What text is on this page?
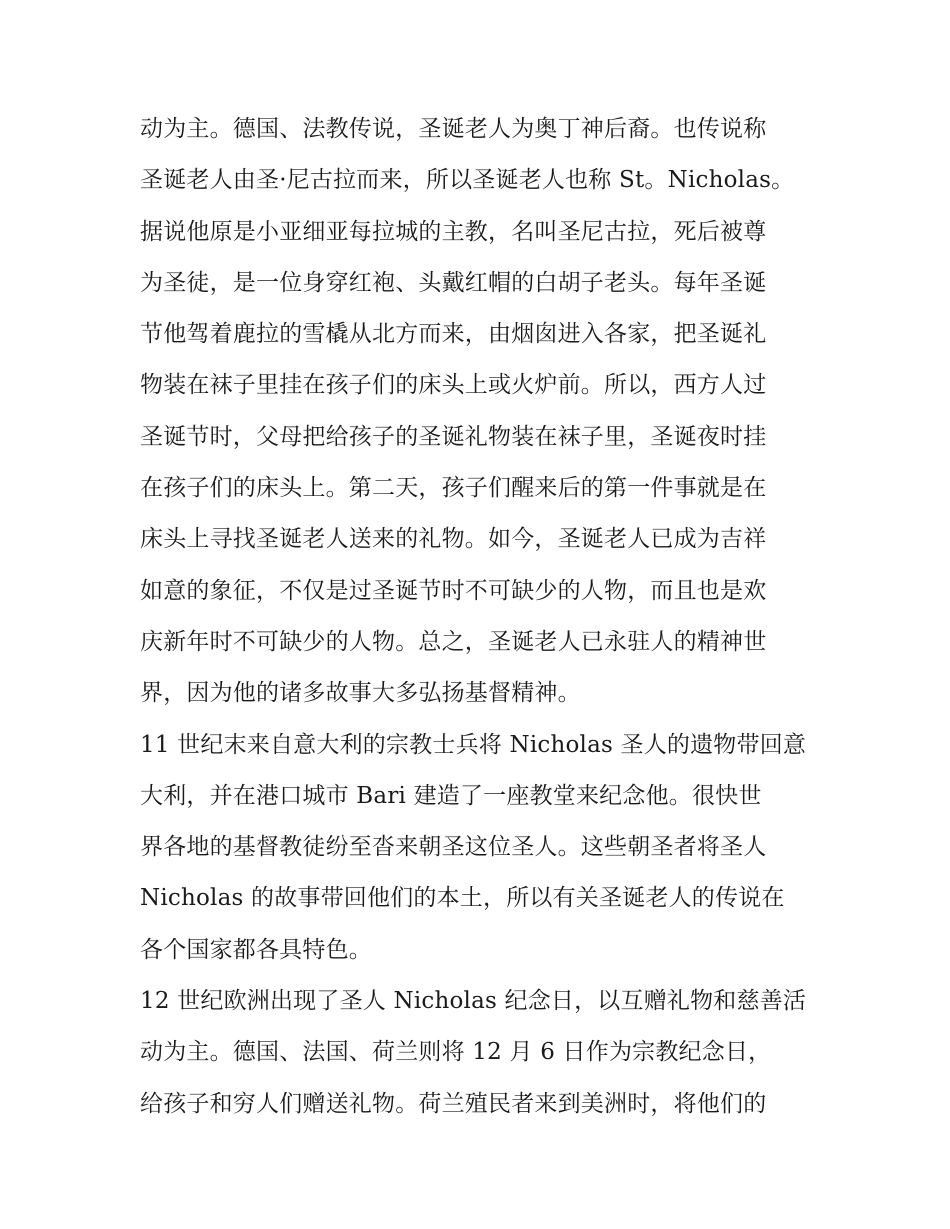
动为主。德国、法教传说，圣诞老人为奥丁神后裔。也传说称
圣诞老人由圣·尼古拉而来，所以圣诞老人也称 St。Nicholas。
据说他原是小亚细亚每拉城的主教，名叫圣尼古拉，死后被尊
为圣徒，是一位身穿红袍、头戴红帽的白胡子老头。每年圣诞
节他驾着鹿拉的雪橇从北方而来，由烟囱进入各家，把圣诞礼
物装在袜子里挂在孩子们的床头上或火炉前。所以，西方人过
圣诞节时，父母把给孩子的圣诞礼物装在袜子里，圣诞夜时挂
在孩子们的床头上。第二天，孩子们醒来后的第一件事就是在
床头上寻找圣诞老人送来的礼物。如今，圣诞老人已成为吉祥
如意的象征，不仅是过圣诞节时不可缺少的人物，而且也是欢
庆新年时不可缺少的人物。总之，圣诞老人已永驻人的精神世
界，因为他的诸多故事大多弘扬基督精神。
11 世纪末来自意大利的宗教士兵将 Nicholas 圣人的遗物带回意
大利，并在港口城市 Bari 建造了一座教堂来纪念他。很快世
界各地的基督教徒纷至沓来朝圣这位圣人。这些朝圣者将圣人
Nicholas 的故事带回他们的本土，所以有关圣诞老人的传说在
各个国家都各具特色。
12 世纪欧洲出现了圣人 Nicholas 纪念日，以互赠礼物和慈善活
动为主。德国、法国、荷兰则将 12 月 6 日作为宗教纪念日，
给孩子和穷人们赠送礼物。荷兰殖民者来到美洲时，将他们的
